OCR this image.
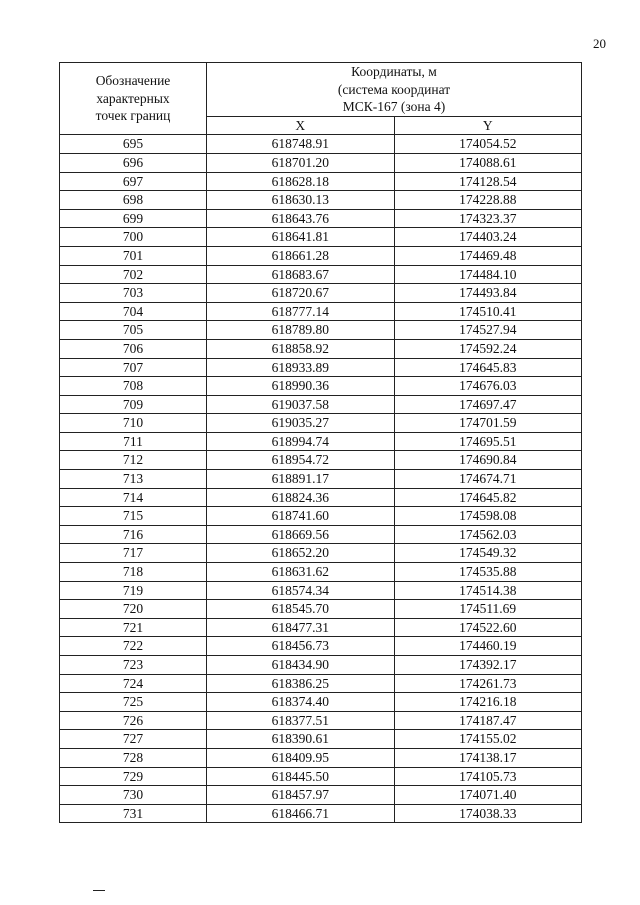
20
Обозначение
характерных
точек границ	Координаты, м
(система координат
МСК-167 (зона 4)	

	X	Y
695	618748.91	174054.52
696	618701.20	174088.61
697	618628.18	174128.54
698	618630.13	174228.88
699	618643.76	174323.37
700	618641.81	174403.24
701	618661.28	174469.48
702	618683.67	174484.10
703	618720.67	174493.84
704	618777.14	174510.41
705	618789.80	174527.94
706	618858.92	174592.24
707	618933.89	174645.83
708	618990.36	174676.03
709	619037.58	174697.47
710	619035.27	174701.59
711	618994.74	174695.51
712	618954.72	174690.84
713	618891.17	174674.71
714	618824.36	174645.82
715	618741.60	174598.08
716	618669.56	174562.03
717	618652.20	174549.32
718	618631.62	174535.88
719	618574.34	174514.38
720	618545.70	174511.69
721	618477.31	174522.60
722	618456.73	174460.19
723	618434.90	174392.17
724	618386.25	174261.73
725	618374.40	174216.18
726	618377.51	174187.47
727	618390.61	174155.02
728	618409.95	174138.17
729	618445.50	174105.73
730	618457.97	174071.40
731	618466.71	174038.33
